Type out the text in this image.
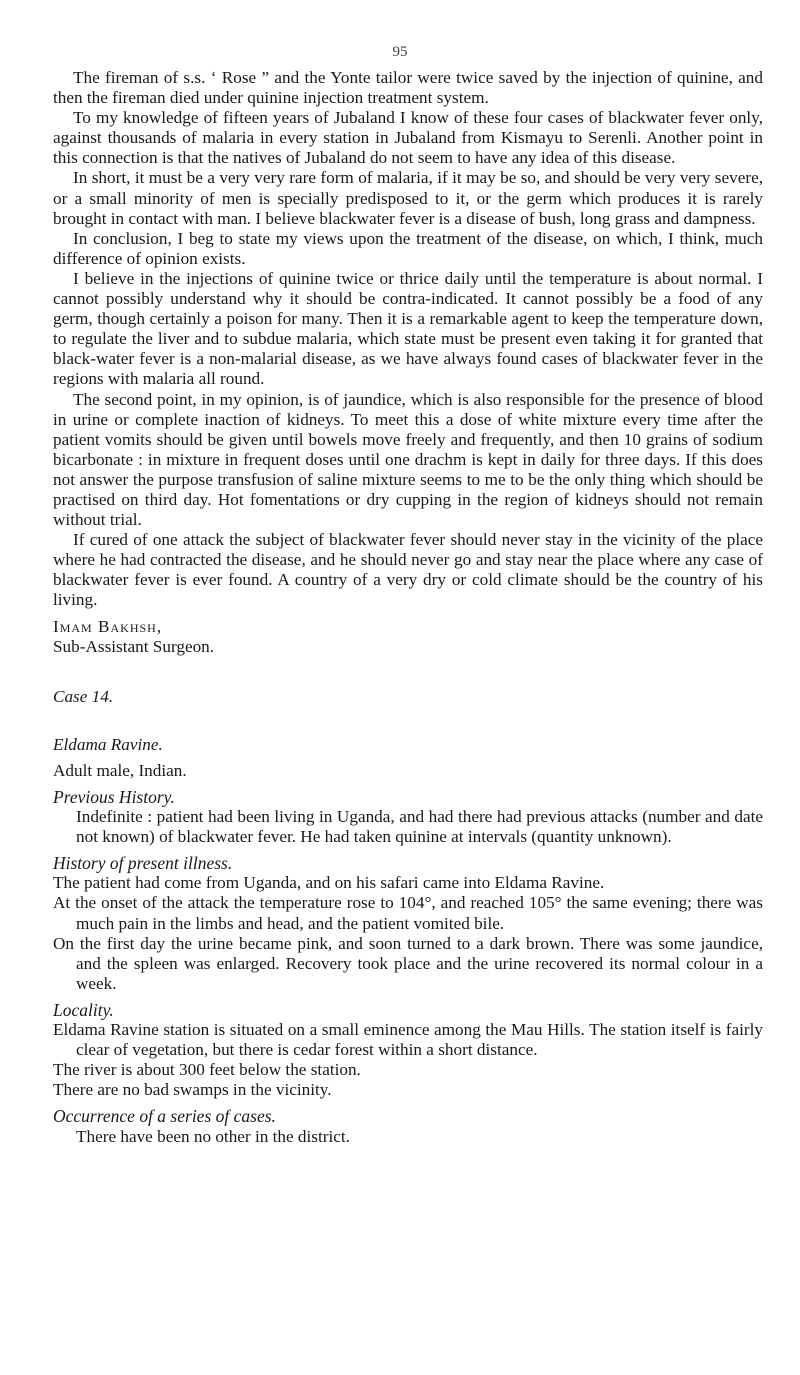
95

The fireman of s.s. ‘ Rose ” and the Yonte tailor were twice saved by the injection of quinine, and then the fireman died under quinine injection treatment system.

To my knowledge of fifteen years of Jubaland I know of these four cases of blackwater fever only, against thousands of malaria in every station in Jubaland from Kismayu to Serenli. Another point in this connection is that the natives of Jubaland do not seem to have any idea of this disease.

In short, it must be a very very rare form of malaria, if it may be so, and should be very very severe, or a small minority of men is specially predisposed to it, or the germ which produces it is rarely brought in contact with man. I believe blackwater fever is a disease of bush, long grass and dampness.

In conclusion, I beg to state my views upon the treatment of the disease, on which, I think, much difference of opinion exists.

I believe in the injections of quinine twice or thrice daily until the temperature is about normal. I cannot possibly understand why it should be contra-indicated. It cannot possibly be a food of any germ, though certainly a poison for many. Then it is a remarkable agent to keep the temperature down, to regulate the liver and to subdue malaria, which state must be present even taking it for granted that black-water fever is a non-malarial disease, as we have always found cases of blackwater fever in the regions with malaria all round.

The second point, in my opinion, is of jaundice, which is also responsible for the presence of blood in urine or complete inaction of kidneys. To meet this a dose of white mixture every time after the patient vomits should be given until bowels move freely and frequently, and then 10 grains of sodium bicarbonate : in mixture in frequent doses until one drachm is kept in daily for three days. If this does not answer the purpose transfusion of saline mixture seems to me to be the only thing which should be practised on third day. Hot fomentations or dry cupping in the region of kidneys should not remain without trial.

If cured of one attack the subject of blackwater fever should never stay in the vicinity of the place where he had contracted the disease, and he should never go and stay near the place where any case of blackwater fever is ever found. A country of a very dry or cold climate should be the country of his living.

Imam Bakhsh,

Sub-Assistant Surgeon.

Case 14.

Eldama Ravine.

Adult male, Indian.

Previous History.

Indefinite : patient had been living in Uganda, and had there had previous attacks (number and date not known) of blackwater fever. He had taken quinine at intervals (quantity unknown).

History of present illness.

The patient had come from Uganda, and on his safari came into Eldama Ravine.

At the onset of the attack the temperature rose to 104°, and reached 105° the same evening; there was much pain in the limbs and head, and the patient vomited bile.

On the first day the urine became pink, and soon turned to a dark brown. There was some jaundice, and the spleen was enlarged. Recovery took place and the urine recovered its normal colour in a week.

Locality.

Eldama Ravine station is situated on a small eminence among the Mau Hills. The station itself is fairly clear of vegetation, but there is cedar forest within a short distance.

The river is about 300 feet below the station.

There are no bad swamps in the vicinity.

Occurrence of a series of cases.

There have been no other in the district.
